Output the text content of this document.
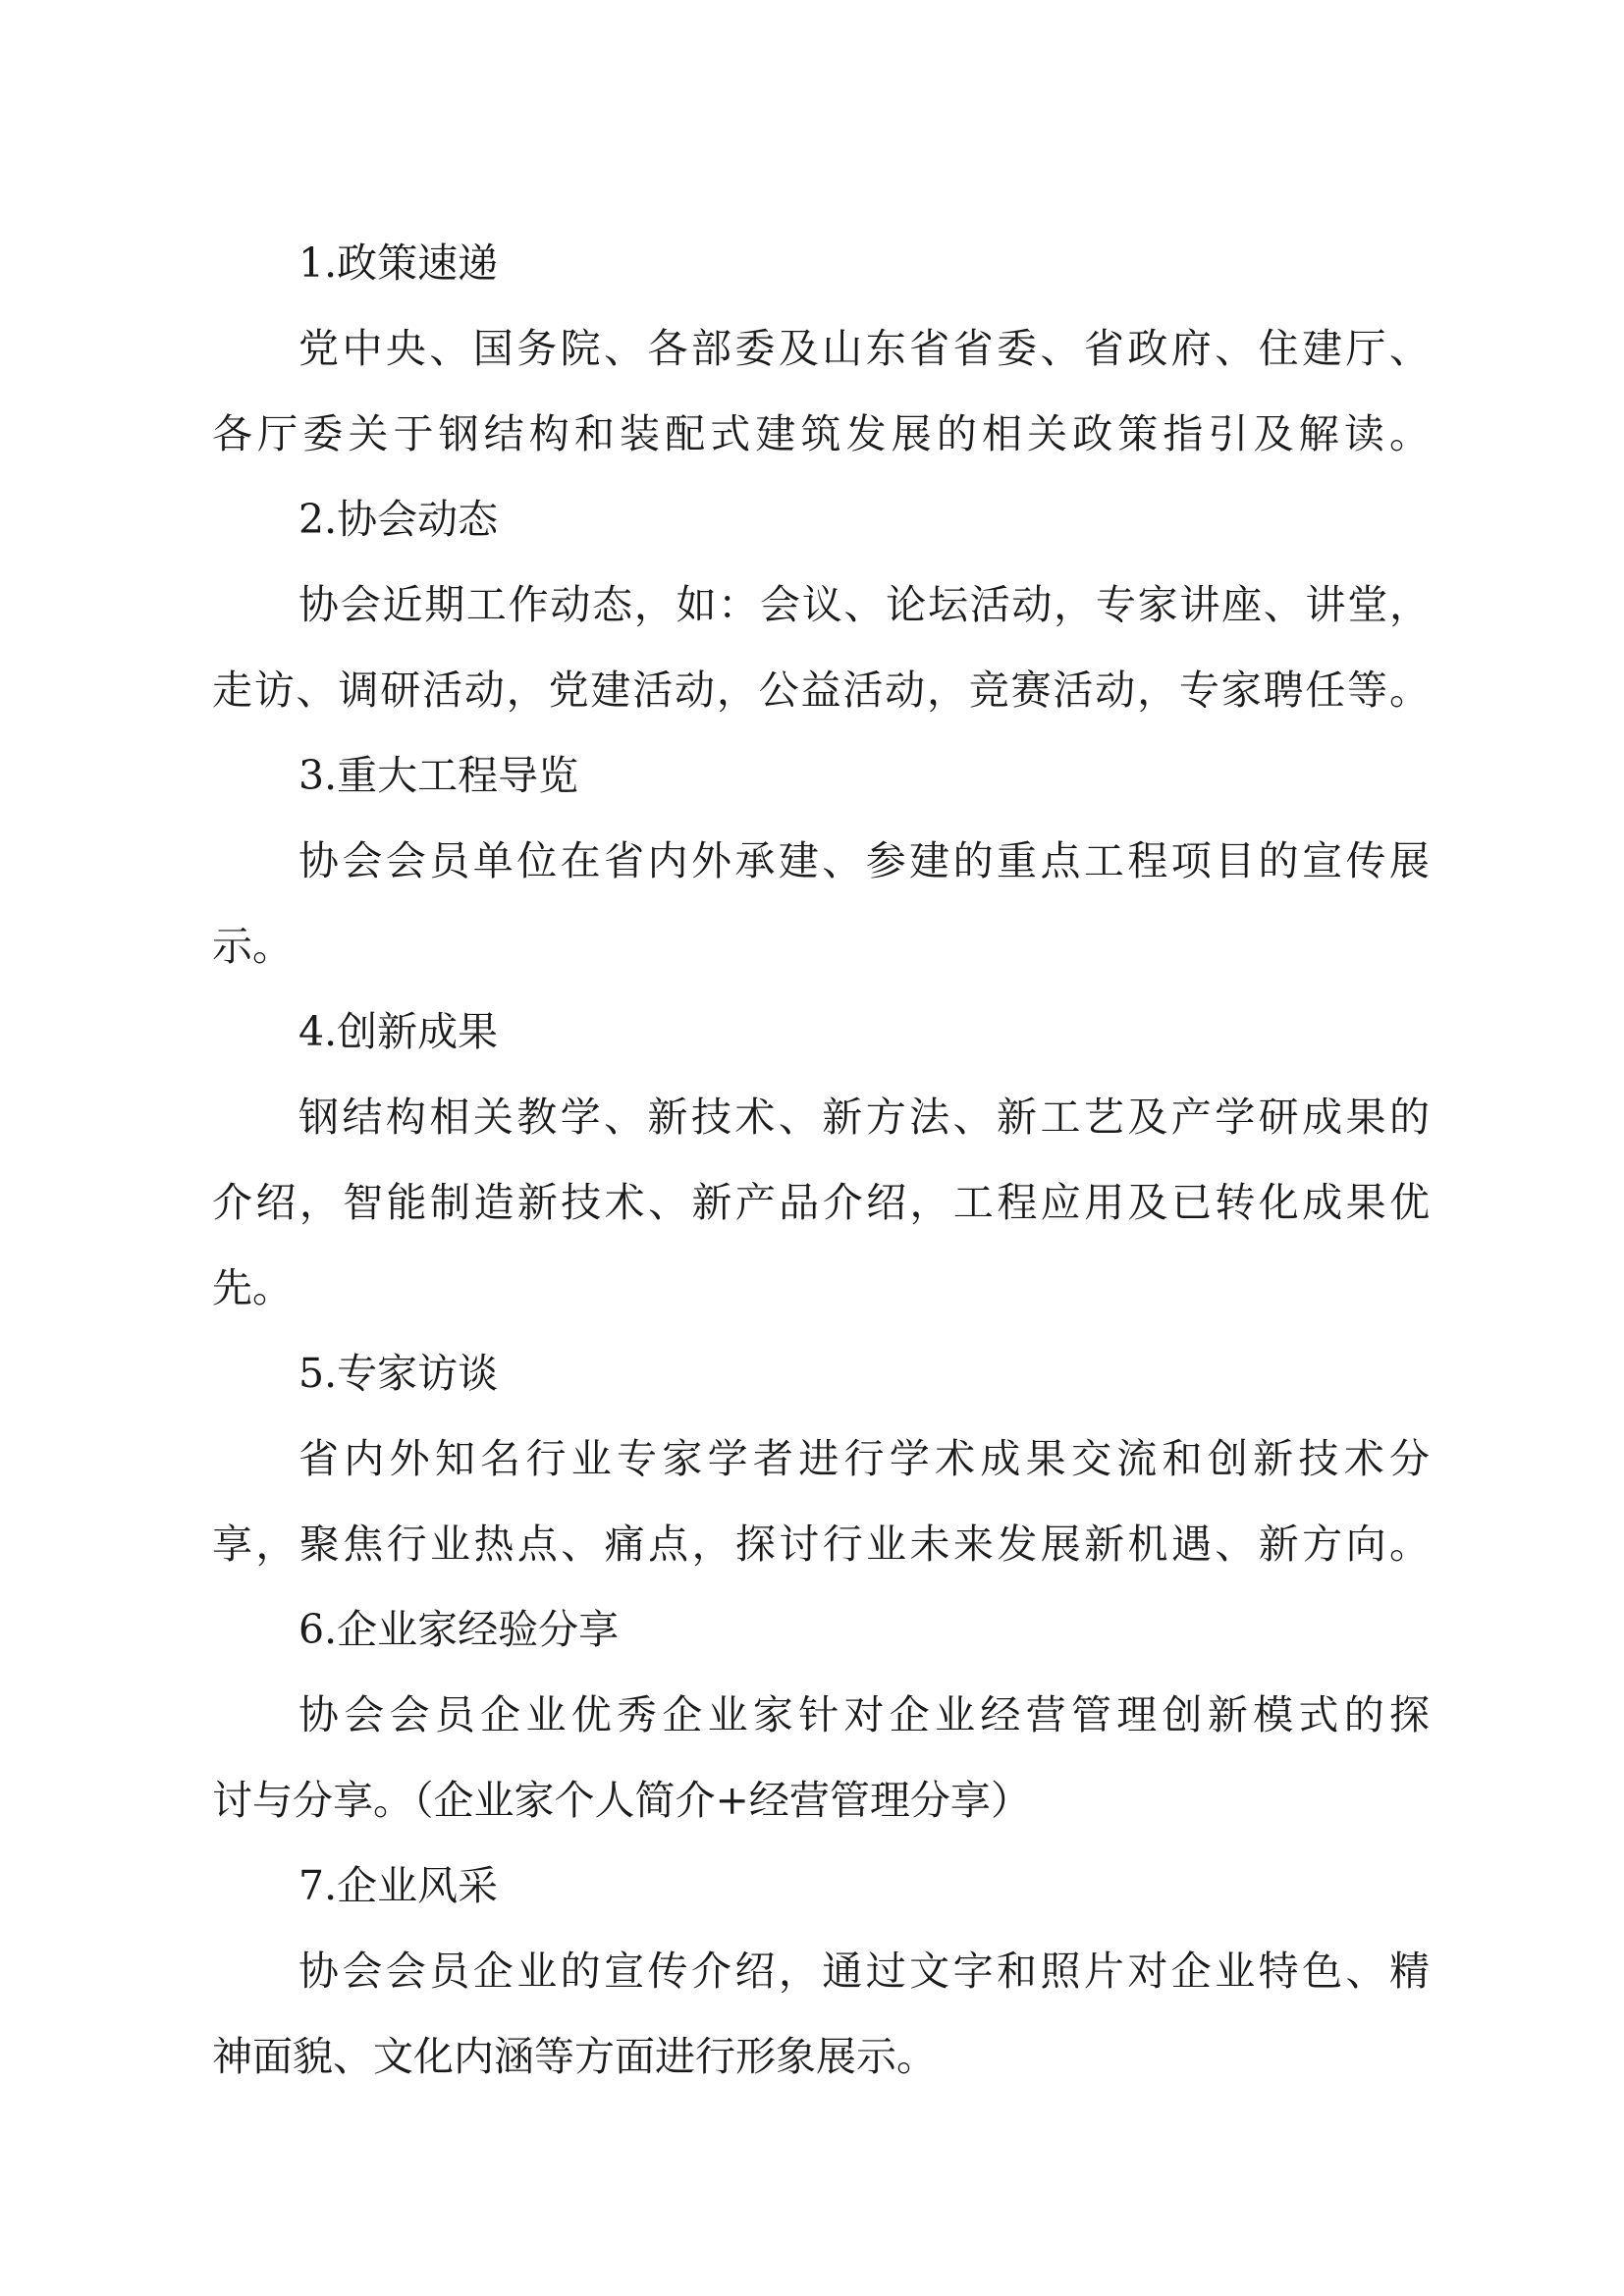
1.政策速递
党中央、国务院、各部委及山东省省委、省政府、住建厅、
各厅委关于钢结构和装配式建筑发展的相关政策指引及解读。
2.协会动态
协会近期工作动态，如：会议、论坛活动，专家讲座、讲堂，
走访、调研活动，党建活动，公益活动，竞赛活动，专家聘任等。
3.重大工程导览
协会会员单位在省内外承建、参建的重点工程项目的宣传展
示。
4.创新成果
钢结构相关教学、新技术、新方法、新工艺及产学研成果的
介绍，智能制造新技术、新产品介绍，工程应用及已转化成果优
先。
5.专家访谈
省内外知名行业专家学者进行学术成果交流和创新技术分
享，聚焦行业热点、痛点，探讨行业未来发展新机遇、新方向。
6.企业家经验分享
协会会员企业优秀企业家针对企业经营管理创新模式的探
讨与分享。（企业家个人简介+经营管理分享）
7.企业风采
协会会员企业的宣传介绍，通过文字和照片对企业特色、精
神面貌、文化内涵等方面进行形象展示。
